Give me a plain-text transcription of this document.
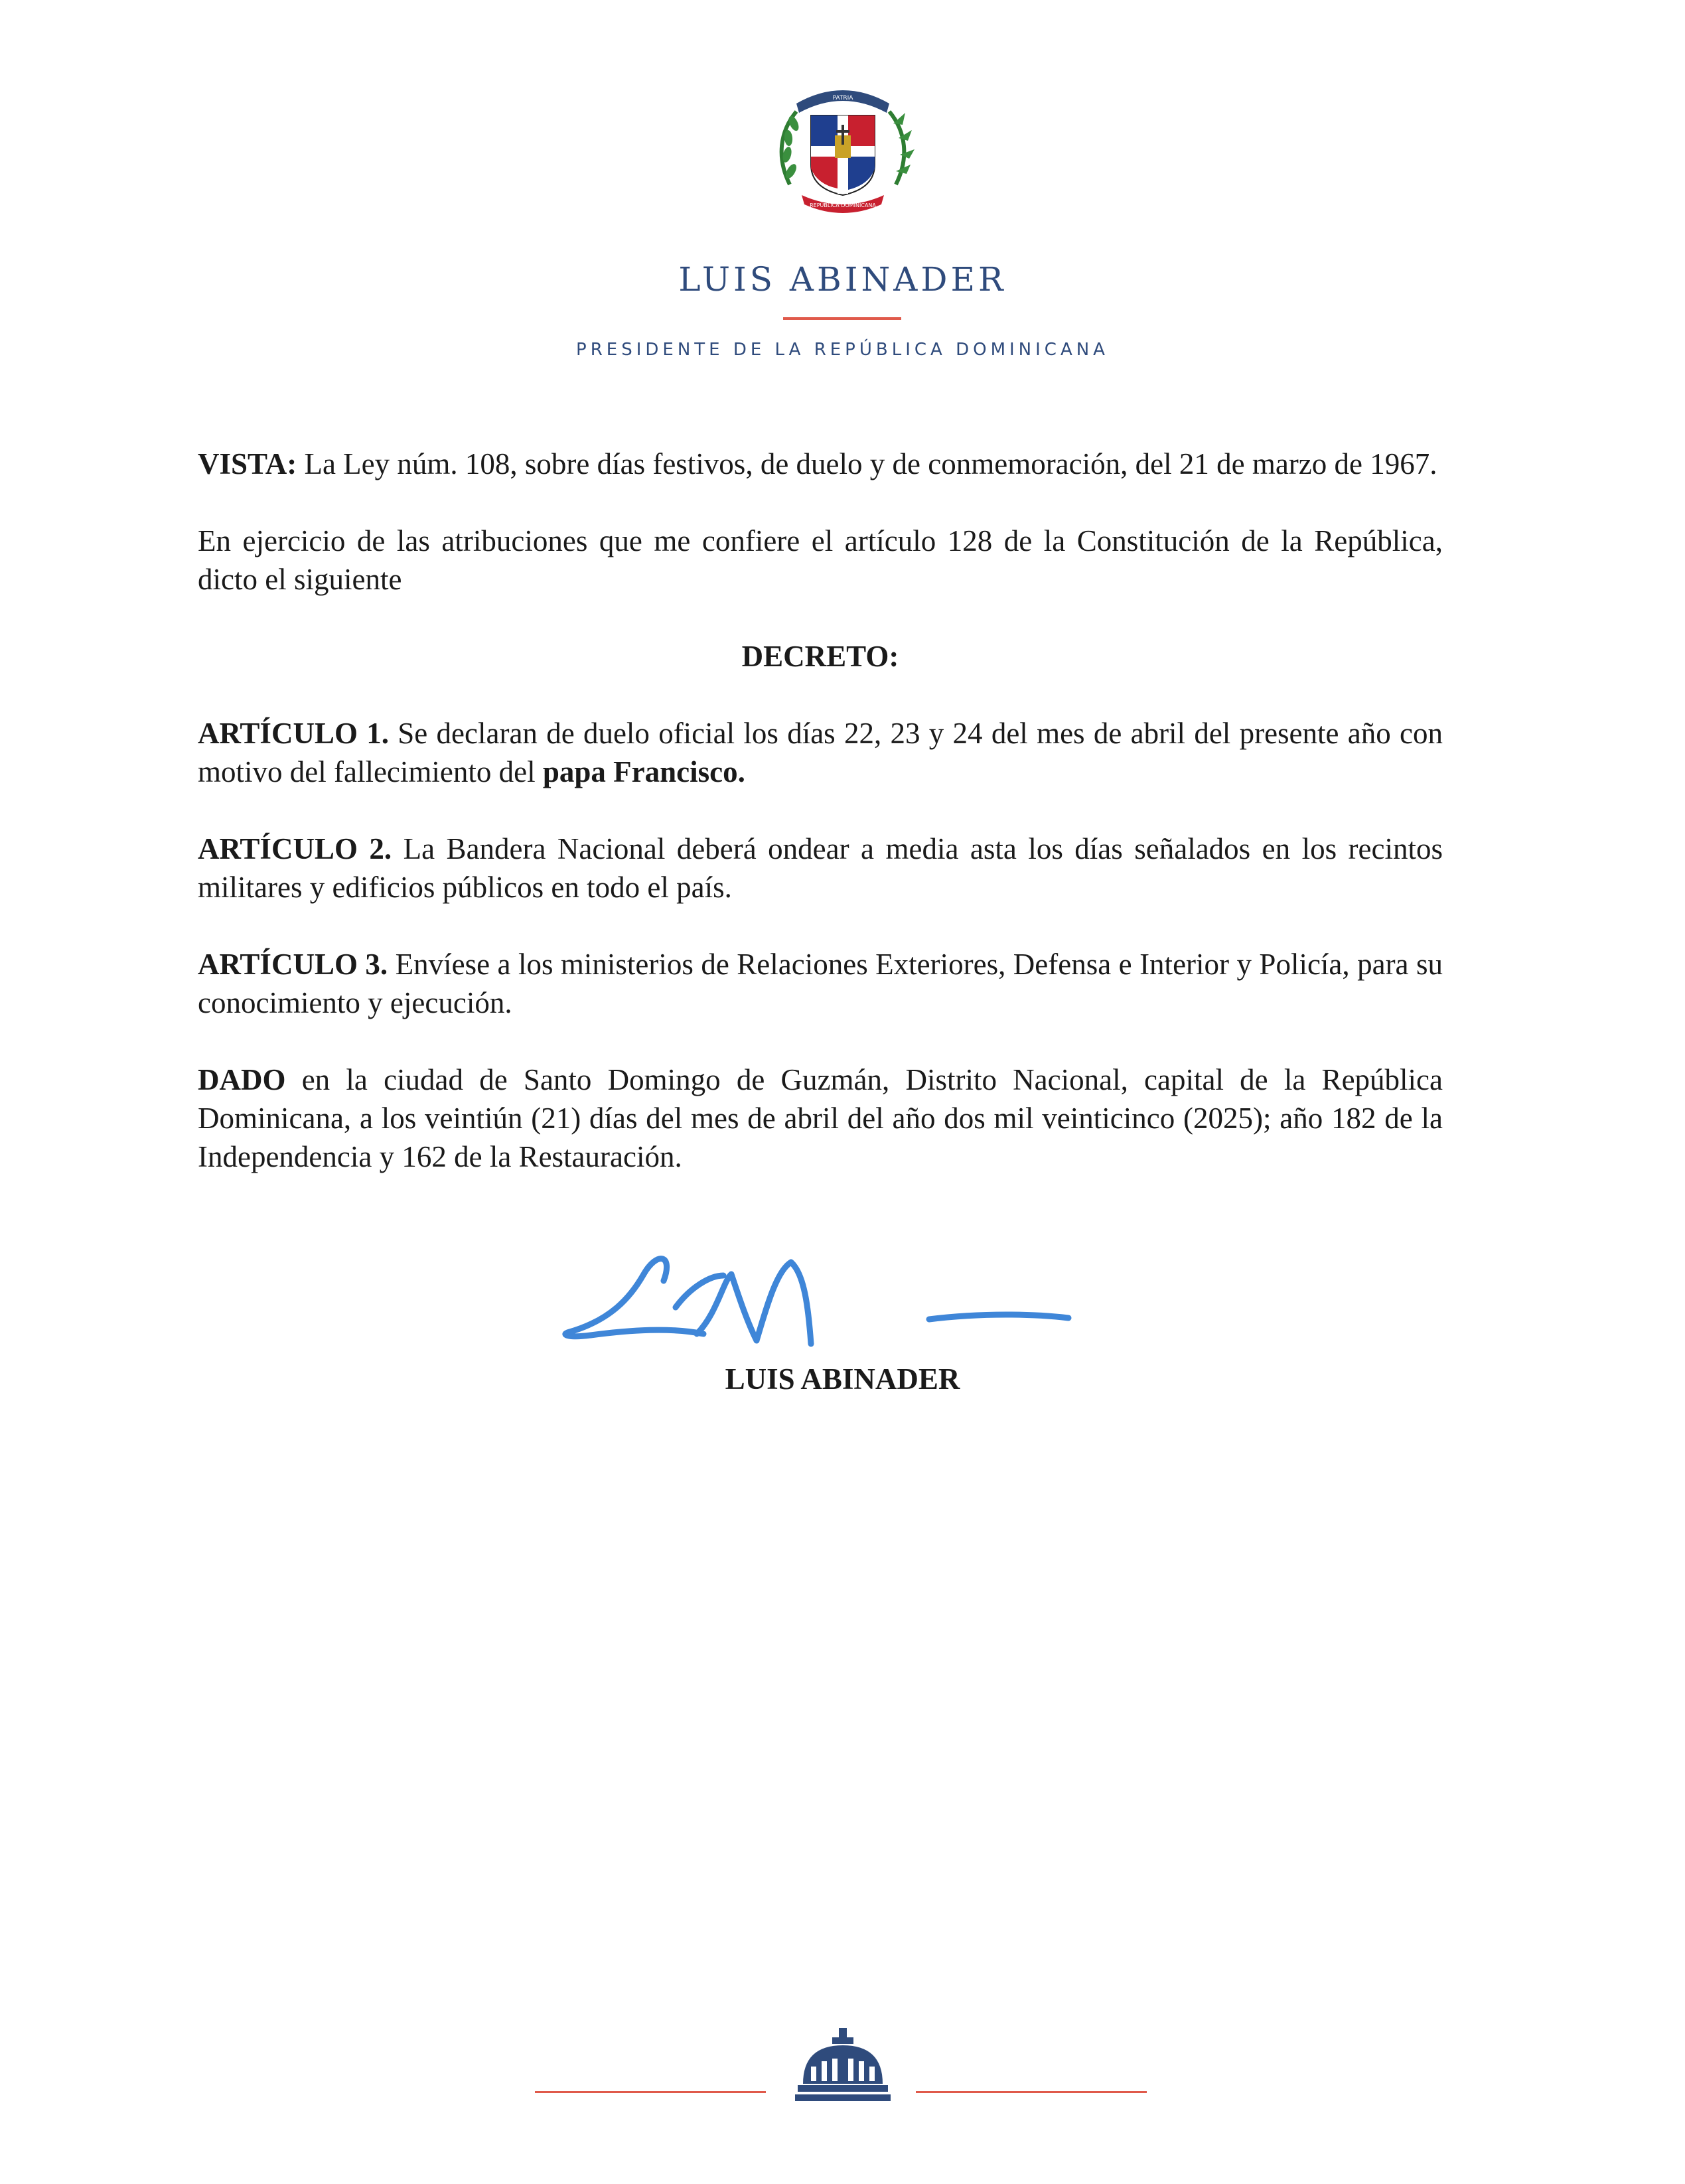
PATRIA
REPÚBLICA DOMINICANA
LUIS ABINADER
PRESIDENTE DE LA REPÚBLICA DOMINICANA

VISTA: La Ley núm. 108, sobre días festivos, de duelo y de conmemoración, del 21 de marzo de 1967.

En ejercicio de las atribuciones que me confiere el artículo 128 de la Constitución de la República, dicto el siguiente

DECRETO:

ARTÍCULO 1. Se declaran de duelo oficial los días 22, 23 y 24 del mes de abril del presente año con motivo del fallecimiento del papa Francisco.

ARTÍCULO 2. La Bandera Nacional deberá ondear a media asta los días señalados en los recintos militares y edificios públicos en todo el país.

ARTÍCULO 3. Envíese a los ministerios de Relaciones Exteriores, Defensa e Interior y Policía, para su conocimiento y ejecución.

DADO en la ciudad de Santo Domingo de Guzmán, Distrito Nacional, capital de la República Dominicana, a los veintiún (21) días del mes de abril del año dos mil veinticinco (2025); año 182 de la Independencia y 162 de la Restauración.

LUIS ABINADER
